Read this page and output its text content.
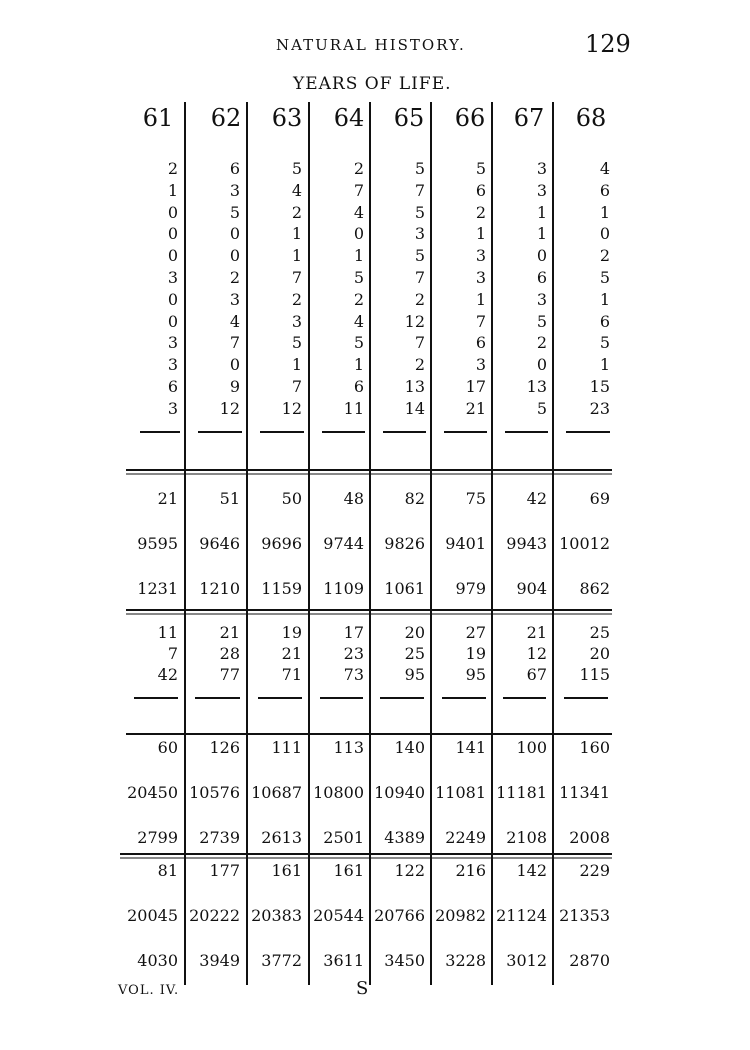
NATURAL HISTORY.	129
YEARS OF LIFE.
61	62	63	64	65	66	67	68
2	6	5	2	5	5	3	4
1	3	4	7	7	6	3	6
0	5	2	4	5	2	1	1
0	0	1	0	3	1	1	0
0	0	1	1	5	3	0	2
3	2	7	5	7	3	6	5
0	3	2	2	2	1	3	1
0	4	3	4	12	7	5	6
3	7	5	5	7	6	2	5
3	0	1	1	2	3	0	1
6	9	7	6	13	17	13	15
3	12	12	11	14	21	5	23
21	51	50	48	82	75	42	69
9595	9646	9696	9744	9826	9401	9943 10012
1231	1210	1159	1109	1061	979	904	862
11	21	19	17	20	27	21	25
7	28	21	23	25	19	12	20
42	77	71	73	95	95	67	115
60	126	111	113	140	141	100	160
20450 10576 10687 10800 10940 11081 11181 11341
2799	2739	2613	2501	4389	2249	2108	2008
81	177	161	161	122	216	142	229
20045 20222 20383 20544 20766 20982 21124 21353
4030	3949	3772	3611	3450	3228	3012	2870
VOL. IV.	S
